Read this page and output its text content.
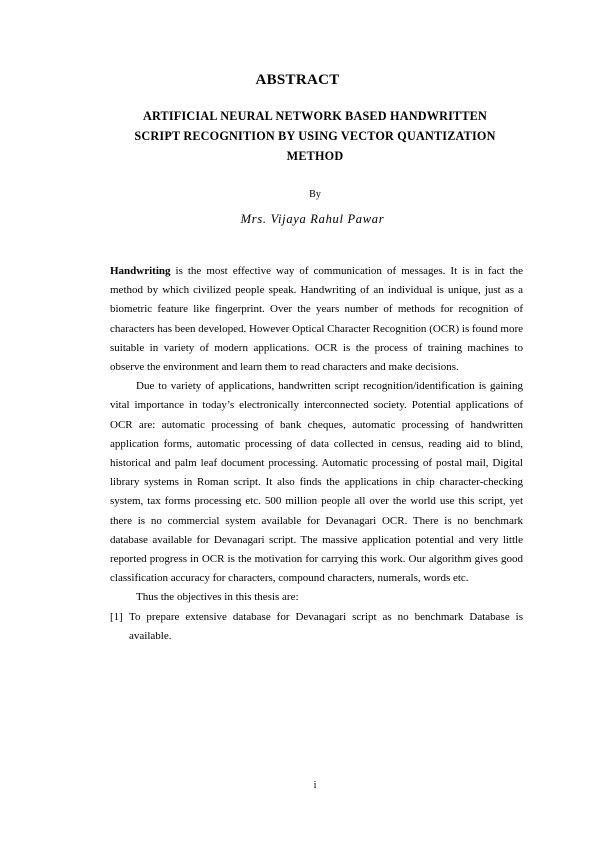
ABSTRACT
ARTIFICIAL NEURAL NETWORK BASED HANDWRITTEN
SCRIPT RECOGNITION BY USING VECTOR QUANTIZATION
METHOD
By
Mrs. Vijaya Rahul Pawar

Handwriting is the most effective way of communication of messages. It is in fact the method by which civilized people speak. Handwriting of an individual is unique, just as a biometric feature like fingerprint. Over the years number of methods for recognition of characters has been developed. However Optical Character Recognition (OCR) is found more suitable in variety of modern applications. OCR is the process of training machines to observe the environment and learn them to read characters and make decisions.

Due to variety of applications, handwritten script recognition/identification is gaining vital importance in today’s electronically interconnected society. Potential applications of OCR are: automatic processing of bank cheques, automatic processing of handwritten application forms, automatic processing of data collected in census, reading aid to blind, historical and palm leaf document processing. Automatic processing of postal mail, Digital library systems in Roman script. It also finds the applications in chip character-checking system, tax forms processing etc. 500 million people all over the world use this script, yet there is no commercial system available for Devanagari OCR. There is no benchmark database available for Devanagari script. The massive application potential and very little reported progress in OCR is the motivation for carrying this work. Our algorithm gives good classification accuracy for characters, compound characters, numerals, words etc.

Thus the objectives in this thesis are:

[1] To prepare extensive database for Devanagari script as no benchmark Database is available.
i
